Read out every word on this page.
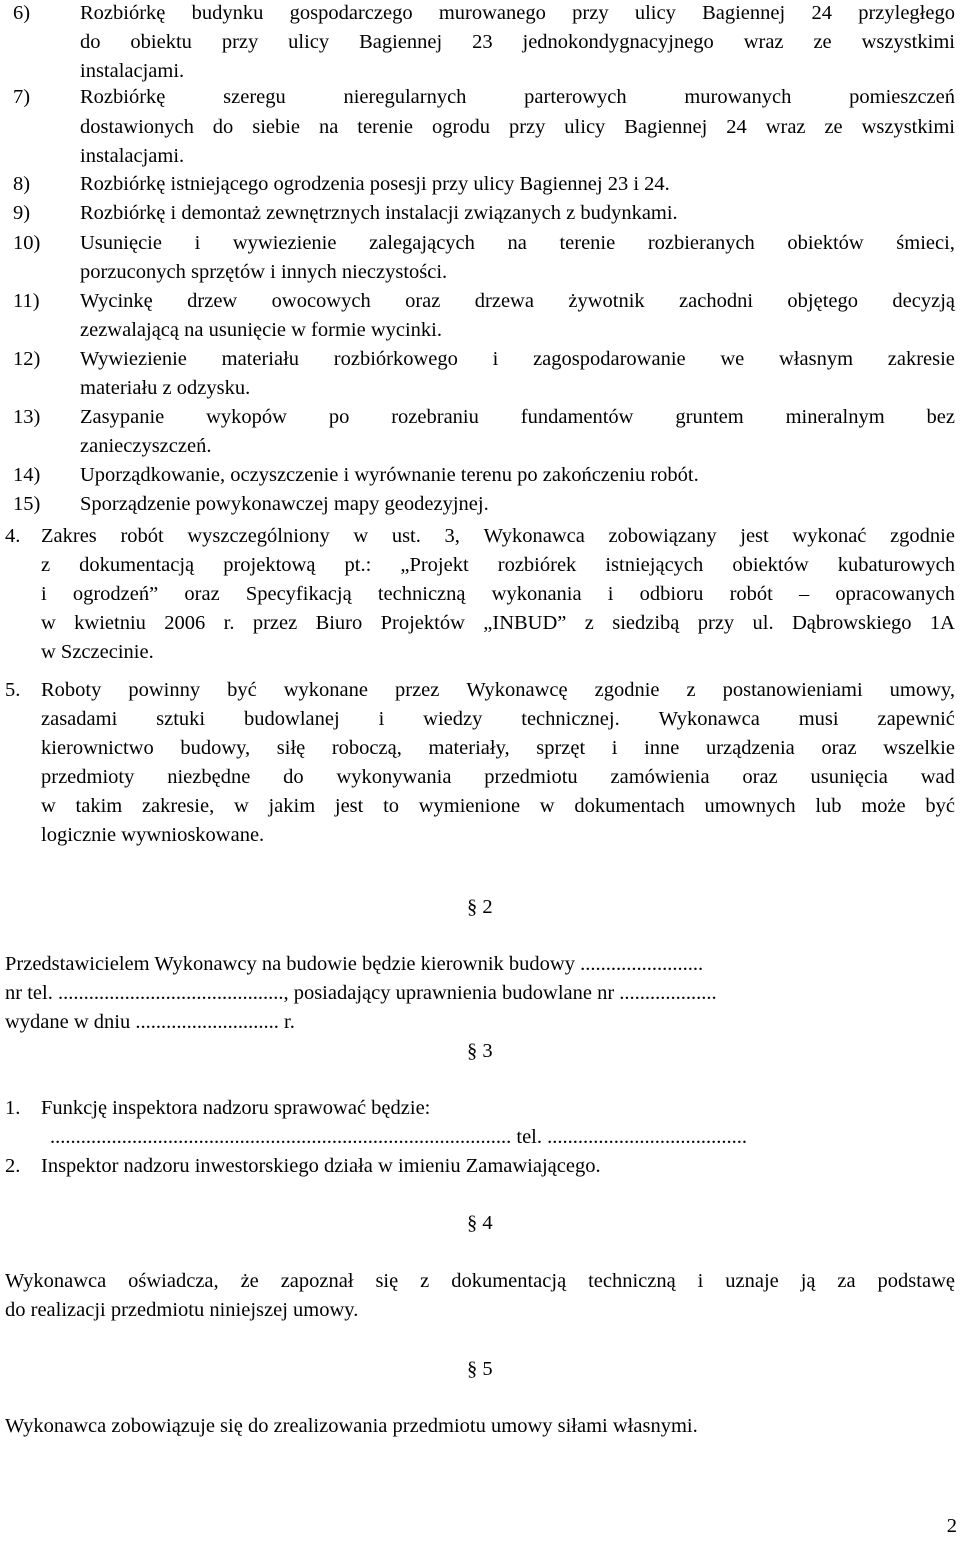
6) Rozbiórkę budynku gospodarczego murowanego przy ulicy Bagiennej 24 przyległego
do obiektu przy ulicy Bagiennej 23 jednokondygnacyjnego wraz ze wszystkimi
instalacjami.
7) Rozbiórkę	szeregu	nieregularnych	parterowych	murowanych	pomieszczeń
dostawionych do siebie na terenie ogrodu przy ulicy Bagiennej 24 wraz ze wszystkimi
instalacjami.
8) Rozbiórkę istniejącego ogrodzenia posesji przy ulicy Bagiennej 23 i 24.
9) Rozbiórkę i demontaż zewnętrznych instalacji związanych z budynkami.
10) Usunięcie i wywiezienie zalegających na terenie rozbieranych obiektów śmieci,
porzuconych sprzętów i innych nieczystości.
11) Wycinkę drzew owocowych oraz drzewa żywotnik zachodni objętego decyzją
zezwalającą na usunięcie w formie wycinki.
12) Wywiezienie materiału rozbiórkowego i zagospodarowanie we własnym zakresie
materiału z odzysku.
13) Zasypanie wykopów po rozebraniu fundamentów gruntem mineralnym bez
zanieczyszczeń.
14) Uporządkowanie, oczyszczenie i wyrównanie terenu po zakończeniu robót.
15) Sporządzenie powykonawczej mapy geodezyjnej.
4. Zakres robót wyszczególniony w ust. 3, Wykonawca zobowiązany jest wykonać zgodnie
z dokumentacją projektową pt.: „Projekt rozbiórek istniejących obiektów kubaturowych
i ogrodzeń” oraz Specyfikacją techniczną wykonania i odbioru robót – opracowanych
w kwietniu 2006 r. przez Biuro Projektów „INBUD” z siedzibą przy ul. Dąbrowskiego 1A
w Szczecinie.
5. Roboty powinny być wykonane przez Wykonawcę zgodnie z postanowieniami umowy,
zasadami sztuki budowlanej i wiedzy technicznej. Wykonawca musi zapewnić
kierownictwo budowy, siłę roboczą, materiały, sprzęt i inne urządzenia oraz wszelkie
przedmioty niezbędne do wykonywania przedmiotu zamówienia oraz usunięcia wad
w takim zakresie, w jakim jest to wymienione w dokumentach umownych lub może być
logicznie wywnioskowane.
§ 2
Przedstawicielem Wykonawcy na budowie będzie kierownik budowy ........................
nr tel. ............................................, posiadający uprawnienia budowlane nr ...................
wydane w dniu ............................ r.
§ 3
1. Funkcję inspektora nadzoru sprawować będzie:
.......................................................................................... tel. .......................................
2. Inspektor nadzoru inwestorskiego działa w imieniu Zamawiającego.
§ 4
Wykonawca oświadcza, że zapoznał się z dokumentacją techniczną i uznaje ją za podstawę
do realizacji przedmiotu niniejszej umowy.
§ 5
Wykonawca zobowiązuje się do zrealizowania przedmiotu umowy siłami własnymi.
2
